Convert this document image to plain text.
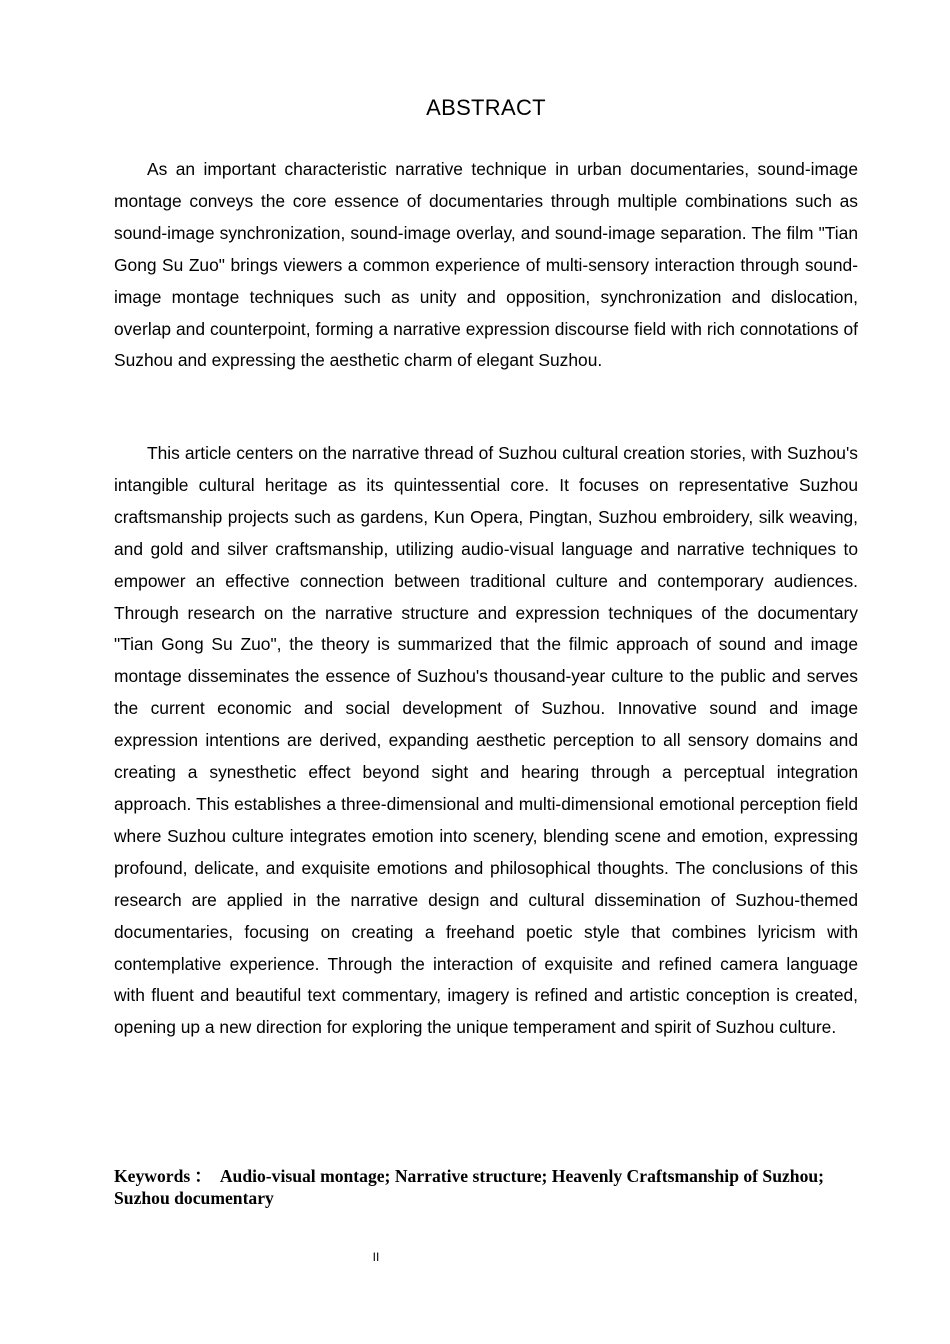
ABSTRACT

As an important characteristic narrative technique in urban documentaries, sound-image montage conveys the core essence of documentaries through multiple combinations such as sound-image synchronization, sound-image overlay, and sound-image separation. The film "Tian Gong Su Zuo" brings viewers a common experience of multi-sensory interaction through sound-image montage techniques such as unity and opposition, synchronization and dislocation, overlap and counterpoint, forming a narrative expression discourse field with rich connotations of Suzhou and expressing the aesthetic charm of elegant Suzhou.

This article centers on the narrative thread of Suzhou cultural creation stories, with Suzhou's intangible cultural heritage as its quintessential core. It focuses on representative Suzhou craftsmanship projects such as gardens, Kun Opera, Pingtan, Suzhou embroidery, silk weaving, and gold and silver craftsmanship, utilizing audio-visual language and narrative techniques to empower an effective connection between traditional culture and contemporary audiences. Through research on the narrative structure and expression techniques of the documentary "Tian Gong Su Zuo", the theory is summarized that the filmic approach of sound and image montage disseminates the essence of Suzhou's thousand-year culture to the public and serves the current economic and social development of Suzhou. Innovative sound and image expression intentions are derived, expanding aesthetic perception to all sensory domains and creating a synesthetic effect beyond sight and hearing through a perceptual integration approach. This establishes a three-dimensional and multi-dimensional emotional perception field where Suzhou culture integrates emotion into scenery, blending scene and emotion, expressing profound, delicate, and exquisite emotions and philosophical thoughts. The conclusions of this research are applied in the narrative design and cultural dissemination of Suzhou-themed documentaries, focusing on creating a freehand poetic style that combines lyricism with contemplative experience. Through the interaction of exquisite and refined camera language with fluent and beautiful text commentary, imagery is refined and artistic conception is created, opening up a new direction for exploring the unique temperament and spirit of Suzhou culture.

Keywords ： Audio-visual montage; Narrative structure; Heavenly Craftsmanship of Suzhou; Suzhou documentary
II
